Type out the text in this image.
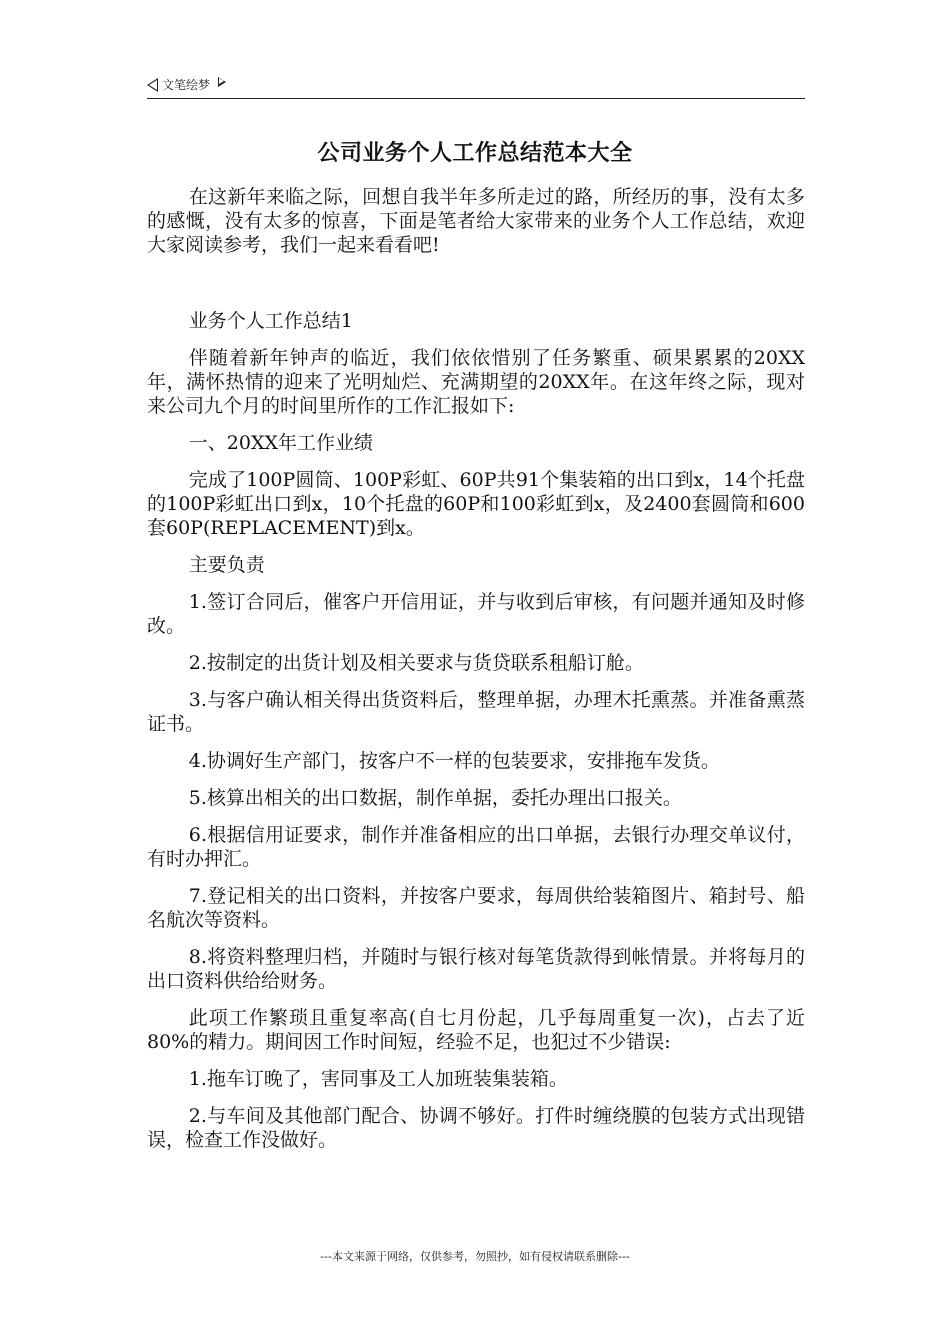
文笔绘梦
公司业务个人工作总结范本大全

在这新年来临之际，回想自我半年多所走过的路，所经历的事，没有太多的感慨，没有太多的惊喜，下面是笔者给大家带来的业务个人工作总结，欢迎大家阅读参考，我们一起来看看吧!

业务个人工作总结1

伴随着新年钟声的临近，我们依依惜别了任务繁重、硕果累累的20XX年，满怀热情的迎来了光明灿烂、充满期望的20XX年。在这年终之际，现对来公司九个月的时间里所作的工作汇报如下:

一、20XX年工作业绩

完成了100P圆筒、100P彩虹、60P共91个集装箱的出口到x，14个托盘的100P彩虹出口到x，10个托盘的60P和100彩虹到x，及2400套圆筒和600套60P(REPLACEMENT)到x。

主要负责

1.签订合同后，催客户开信用证，并与收到后审核，有问题并通知及时修改。

2.按制定的出货计划及相关要求与货贷联系租船订舱。

3.与客户确认相关得出货资料后，整理单据，办理木托熏蒸。并准备熏蒸证书。

4.协调好生产部门，按客户不一样的包装要求，安排拖车发货。

5.核算出相关的出口数据，制作单据，委托办理出口报关。

6.根据信用证要求，制作并准备相应的出口单据，去银行办理交单议付，有时办押汇。

7.登记相关的出口资料，并按客户要求，每周供给装箱图片、箱封号、船名航次等资料。

8.将资料整理归档，并随时与银行核对每笔货款得到帐情景。并将每月的出口资料供给给财务。

此项工作繁琐且重复率高(自七月份起，几乎每周重复一次)，占去了近80%的精力。期间因工作时间短，经验不足，也犯过不少错误:

1.拖车订晚了，害同事及工人加班装集装箱。

2.与车间及其他部门配合、协调不够好。打件时缠绕膜的包装方式出现错误，检查工作没做好。

---本文来源于网络，仅供参考，勿照抄，如有侵权请联系删除---
